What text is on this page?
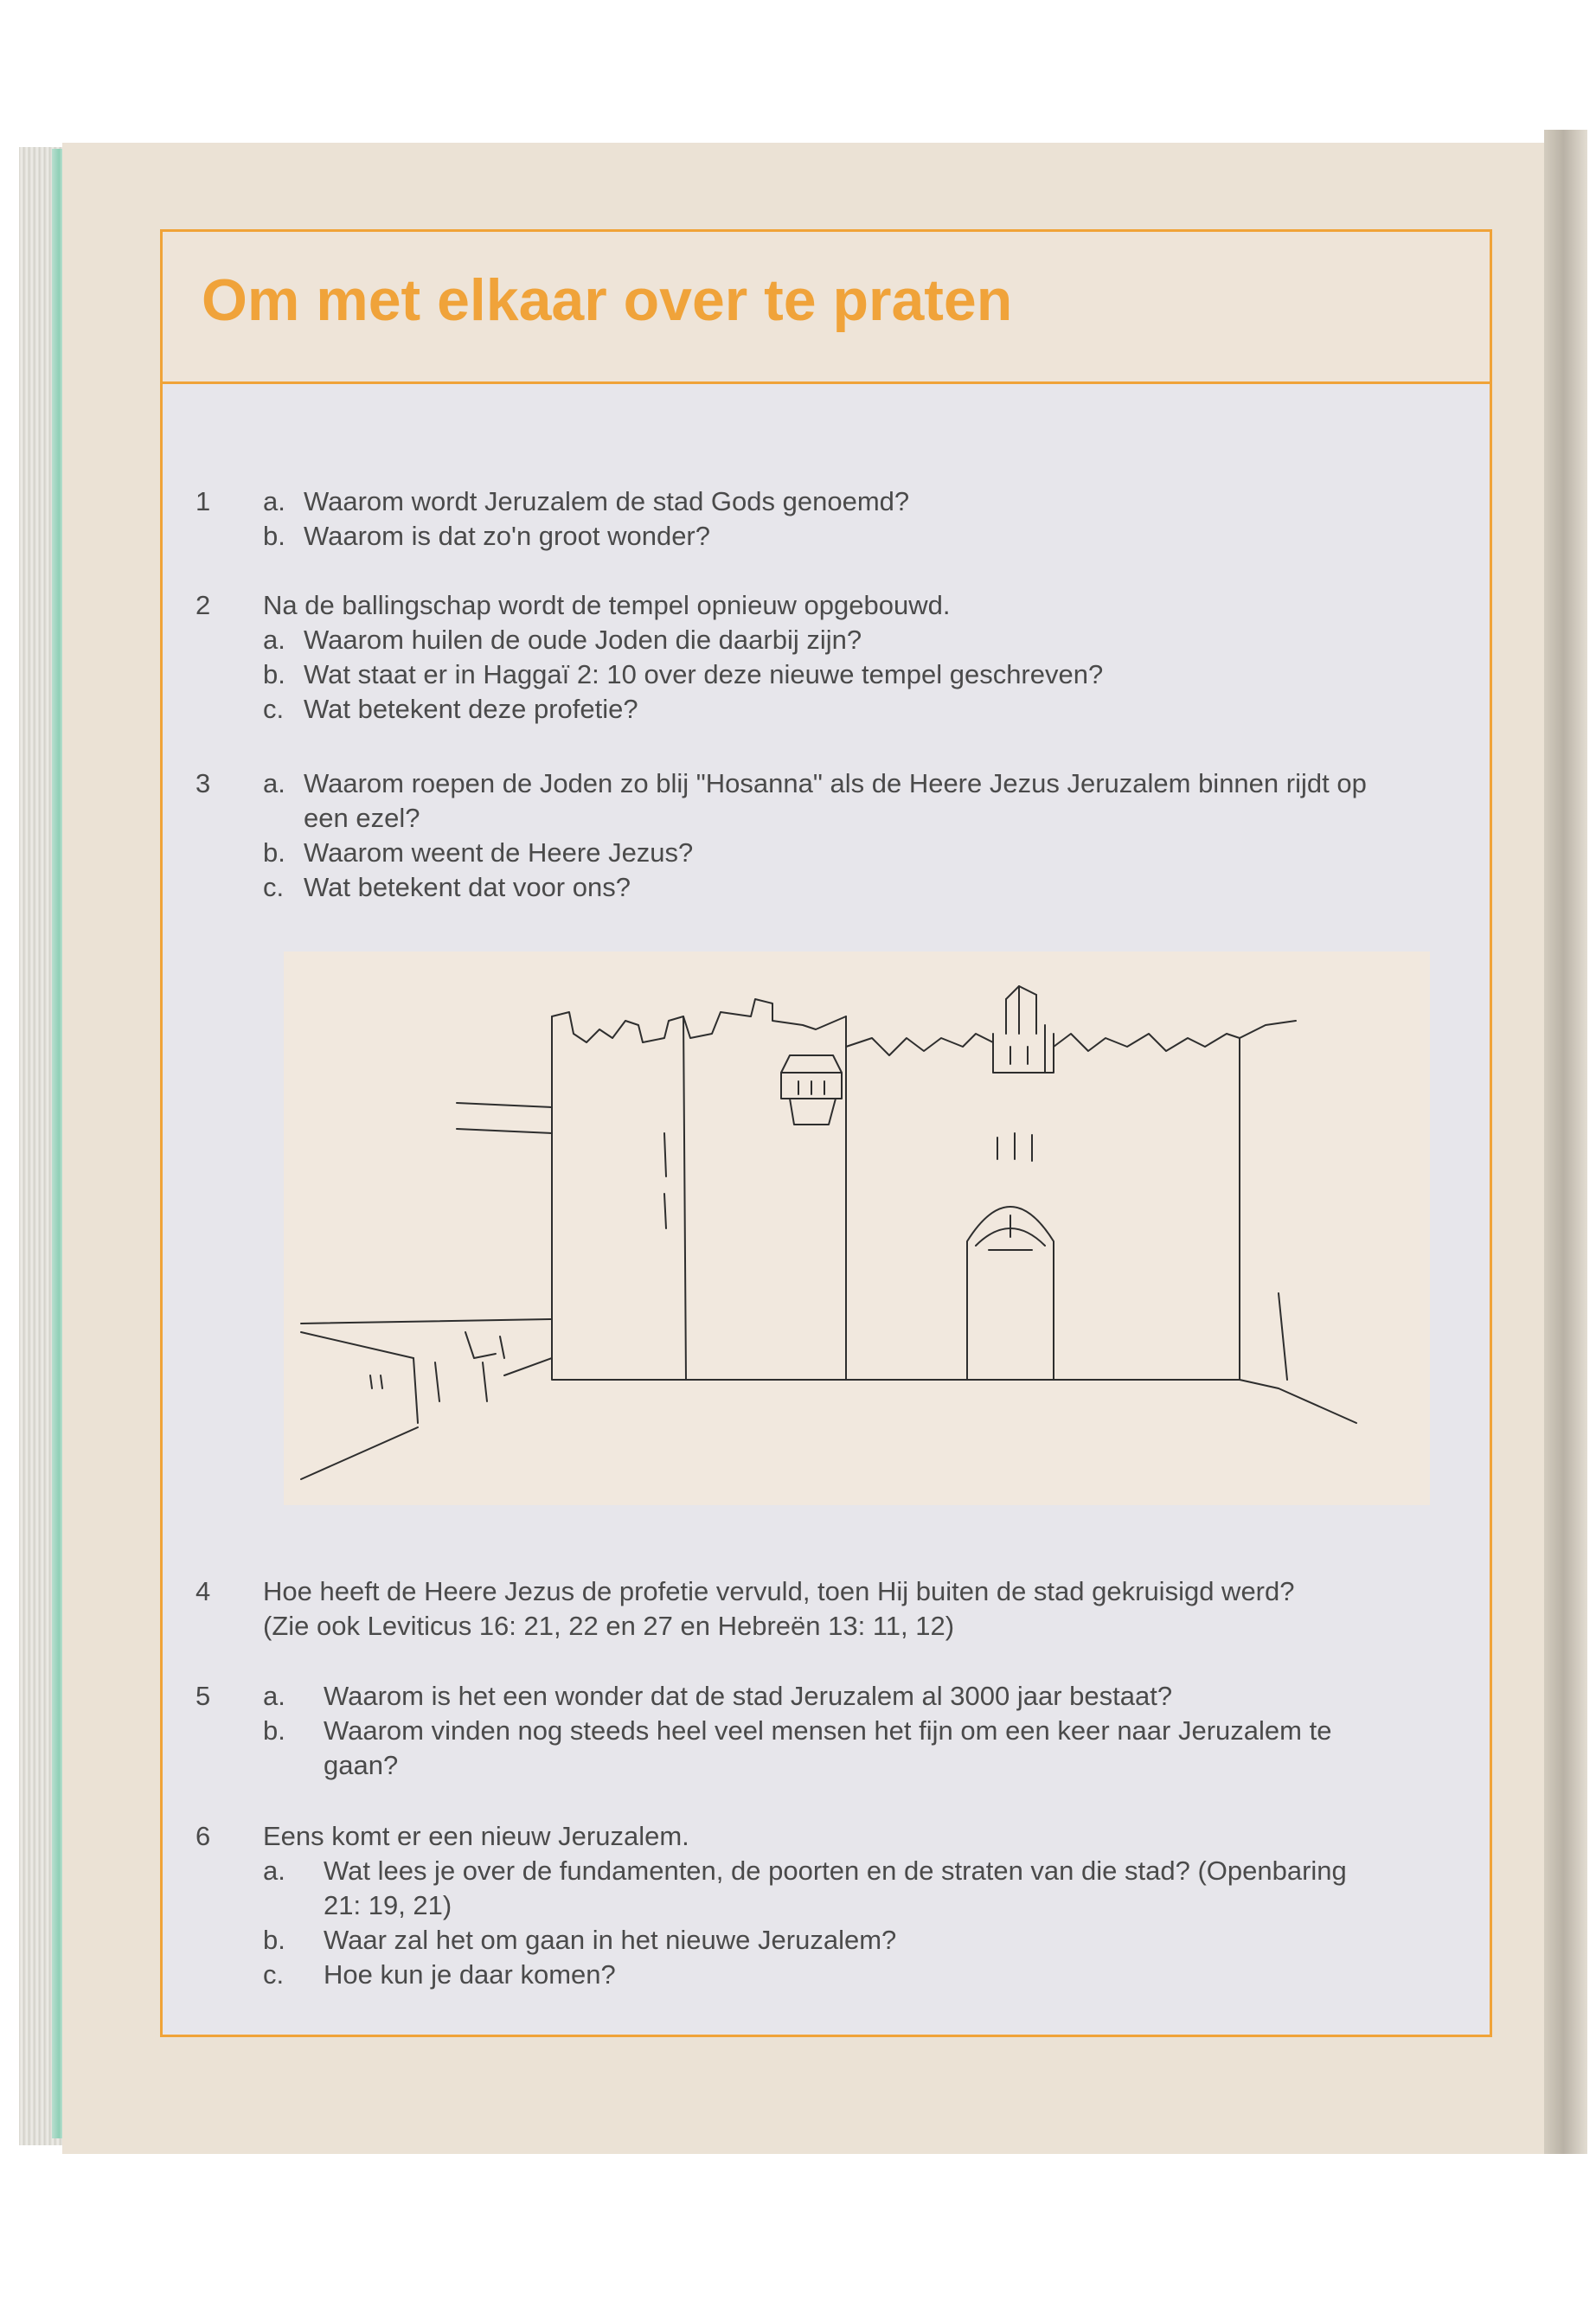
Om met elkaar over te praten
1 a. Waarom wordt Jeruzalem de stad Gods genoemd?
b. Waarom is dat zo'n groot wonder?
2 Na de ballingschap wordt de tempel opnieuw opgebouwd.
a. Waarom huilen de oude Joden die daarbij zijn?
b. Wat staat er in Haggaï 2: 10 over deze nieuwe tempel geschreven?
c. Wat betekent deze profetie?
3 a. Waarom roepen de Joden zo blij "Hosanna" als de Heere Jezus Jeruzalem binnen rijdt op
een ezel?
b. Waarom weent de Heere Jezus?
c. Wat betekent dat voor ons?
4 Hoe heeft de Heere Jezus de profetie vervuld, toen Hij buiten de stad gekruisigd werd?
(Zie ook Leviticus 16: 21, 22 en 27 en Hebreën 13: 11, 12)
5 a. Waarom is het een wonder dat de stad Jeruzalem al 3000 jaar bestaat?
b. Waarom vinden nog steeds heel veel mensen het fijn om een keer naar Jeruzalem te
gaan?
6 Eens komt er een nieuw Jeruzalem.
a. Wat lees je over de fundamenten, de poorten en de straten van die stad? (Openbaring
21: 19, 21)
b. Waar zal het om gaan in het nieuwe Jeruzalem?
c. Hoe kun je daar komen?
